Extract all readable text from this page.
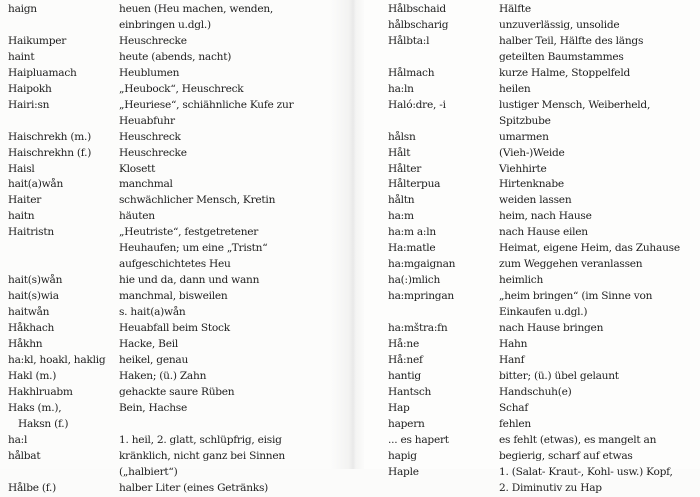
haign	heuen (Heu machen, wenden,
einbringen u.dgl.)
Haikumper	Heuschrecke
haint	heute (abends, nacht)
Haipluamach	Heublumen
Haipokh	„Heubock“, Heuschreck
Hairi:sn	„Heuriese“, schiähnliche Kufe zur
Heuabfuhr
Haischrekh (m.)	Heuschreck
Haischrekhn (f.)	Heuschrecke
Haisl	Klosett
hait(a)wån	manchmal
Haiter	schwächlicher Mensch, Kretin
haitn	häuten
Haitristn	„Heutriste“, festgetretener
Heuhaufen; um eine „Tristn“
aufgeschichtetes Heu
hait(s)wån	hie und da, dann und wann
hait(s)wia	manchmal, bisweilen
haitwån	s. hait(a)wån
Håkhach	Heuabfall beim Stock
Håkhn	Hacke, Beil
ha:kl, hoakl, haklig	heikel, genau
Hakl (m.)	Haken; (ü.) Zahn
Hakhlruabm	gehackte saure Rüben
Haks (m.),	Bein, Hachse
Haksn (f.)

ha:l	1. heil, 2. glatt, schlüpfrig, eisig
hålbat	kränklich, nicht ganz bei Sinnen
(„halbiert“)
Hålbe (f.)	halber Liter (eines Getränks)
Hålbschaid	Hälfte
hålbscharig	unzuverlässig, unsolide
Hålbta:l	halber Teil, Hälfte des längs
geteilten Baumstammes
Hålmach	kurze Halme, Stoppelfeld
ha:ln	heilen
Haló:dre, -i	lustiger Mensch, Weiberheld,
Spitzbube
hålsn	umarmen
Hålt	(Vieh-)Weide
Hålter	Viehhirte
Hålterpua	Hirtenknabe
håltn	weiden lassen
ha:m	heim, nach Hause
ha:m a:ln	nach Hause eilen
Ha:matle	Heimat, eigene Heim, das Zuhause
ha:mgaignan	zum Weggehen veranlassen
ha(:)mlich	heimlich
ha:mpringan	„heim bringen“ (im Sinne von
Einkaufen u.dgl.)
ha:mštra:fn	nach Hause bringen
Hå:ne	Hahn
Hå:nef	Hanf
hantig	bitter; (ü.) übel gelaunt
Hantsch	Handschuh(e)
Hap	Schaf
hapern	fehlen
... es hapert	es fehlt (etwas), es mangelt an
hapig	begierig, scharf auf etwas
Haple	1. (Salat- Kraut-, Kohl- usw.) Kopf,
2. Diminutiv zu Hap
